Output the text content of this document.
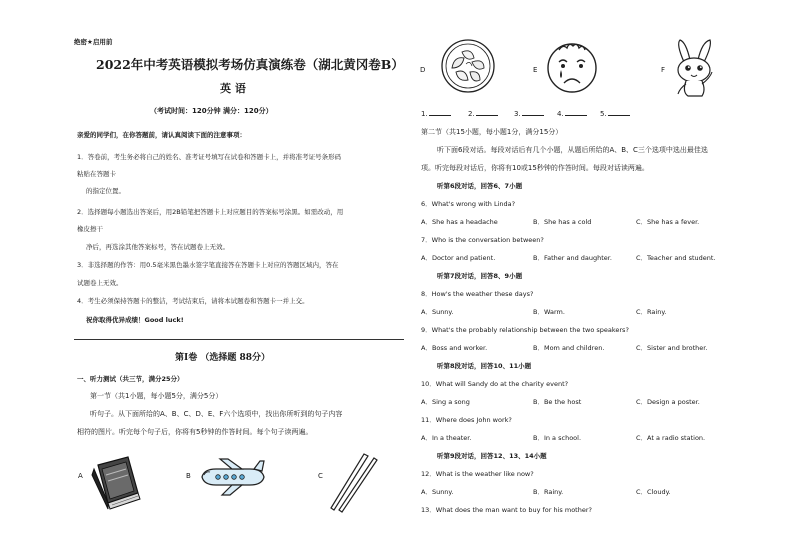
绝密★启用前
2022年中考英语模拟考场仿真演练卷（湖北黄冈卷B）
英 语
（考试时间：120分钟 满分：120分）
亲爱的同学们，在你答题前，请认真阅读下面的注意事项：
1．答卷前，考生务必将自己的姓名、准考证号填写在试卷和答题卡上，并将准考证号条形码
粘贴在答题卡
的指定位置。
2．选择题每小题选出答案后，用2B铅笔把答题卡上对应题目的答案标号涂黑。如需改动，用
橡皮擦干
净后，再选涂其他答案标号，答在试题卷上无效。
3．非选择题的作答：用0.5毫米黑色墨水签字笔直接答在答题卡上对应的答题区域内，答在
试题卷上无效。
4．考生必须保持答题卡的整洁，考试结束后，请将本试题卷和答题卡一并上交。
祝你取得优异成绩！Good luck!
第Ⅰ卷 （选择题 88分）
一、听力测试（共三节，满分25分）
第一节（共1小题，每小题5分，满分5分）
听句子。从下面所给的A、B、C、D、E、F六个选项中，找出你所听到的句子内容
相符的图片。听完每个句子后，你将有5秒钟的作答时间。每个句子读两遍。
A	B	C
D	E	F
1.	2.	3.	4.	5.
第二节（共15小题，每小题1分，满分15分）
听下面6段对话。每段对话后有几个小题，从题后所给的A、B、C三个选项中选出最佳选
项。听完每段对话后，你将有10或15秒钟的作答时间。每段对话读两遍。
听第6段对话，回答6、7小题
6．What's wrong with Linda?
A．She has a headache	B．She has a cold	C．She has a fever.
7．Who is the conversation between?
A．Doctor and patient.	B．Father and daughter.	C．Teacher and student.
听第7段对话，回答8、9小题
8．How's the weather these days?
A．Sunny.	B．Warm.	C．Rainy.
9．What's the probably relationship between the two speakers?
A．Boss and worker.	B．Mom and children.	C．Sister and brother.
听第8段对话，回答10、11小题
10．What will Sandy do at the charity event?
A．Sing a song	B．Be the host	C．Design a poster.
11．Where does John work?
A．In a theater.	B．In a school.	C．At a radio station.
听第9段对话，回答12、13、14小题
12．What is the weather like now?
A．Sunny.	B．Rainy.	C．Cloudy.
13．What does the man want to buy for his mother?
